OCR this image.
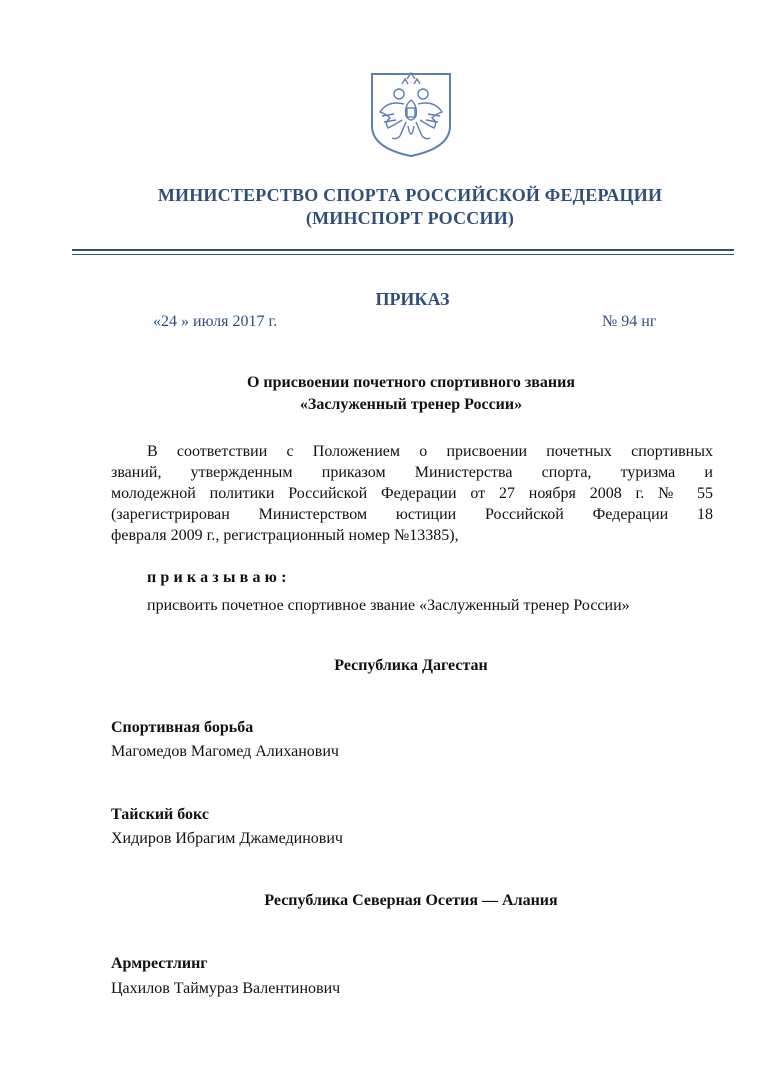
МИНИСТЕРСТВО СПОРТА РОССИЙСКОЙ ФЕДЕРАЦИИ
(МИНСПОРТ РОССИИ)
ПРИКАЗ
«24 » июля 2017 г.	№ 94 нг
О присвоении почетного спортивного звания
«Заслуженный тренер России»
В соответствии с Положением о присвоении почетных спортивных
званий, утвержденным приказом Министерства спорта, туризма и
молодежной политики Российской Федерации от 27 ноября 2008 г. № 55
(зарегистрирован Министерством юстиции Российской Федерации 18
февраля 2009 г., регистрационный номер №13385),
приказываю:
присвоить почетное спортивное звание «Заслуженный тренер России»
Республика Дагестан
Спортивная борьба
Магомедов Магомед Алиханович
Тайский бокс
Хидиров Ибрагим Джамединович
Республика Северная Осетия — Алания
Армрестлинг
Цахилов Таймураз Валентинович
